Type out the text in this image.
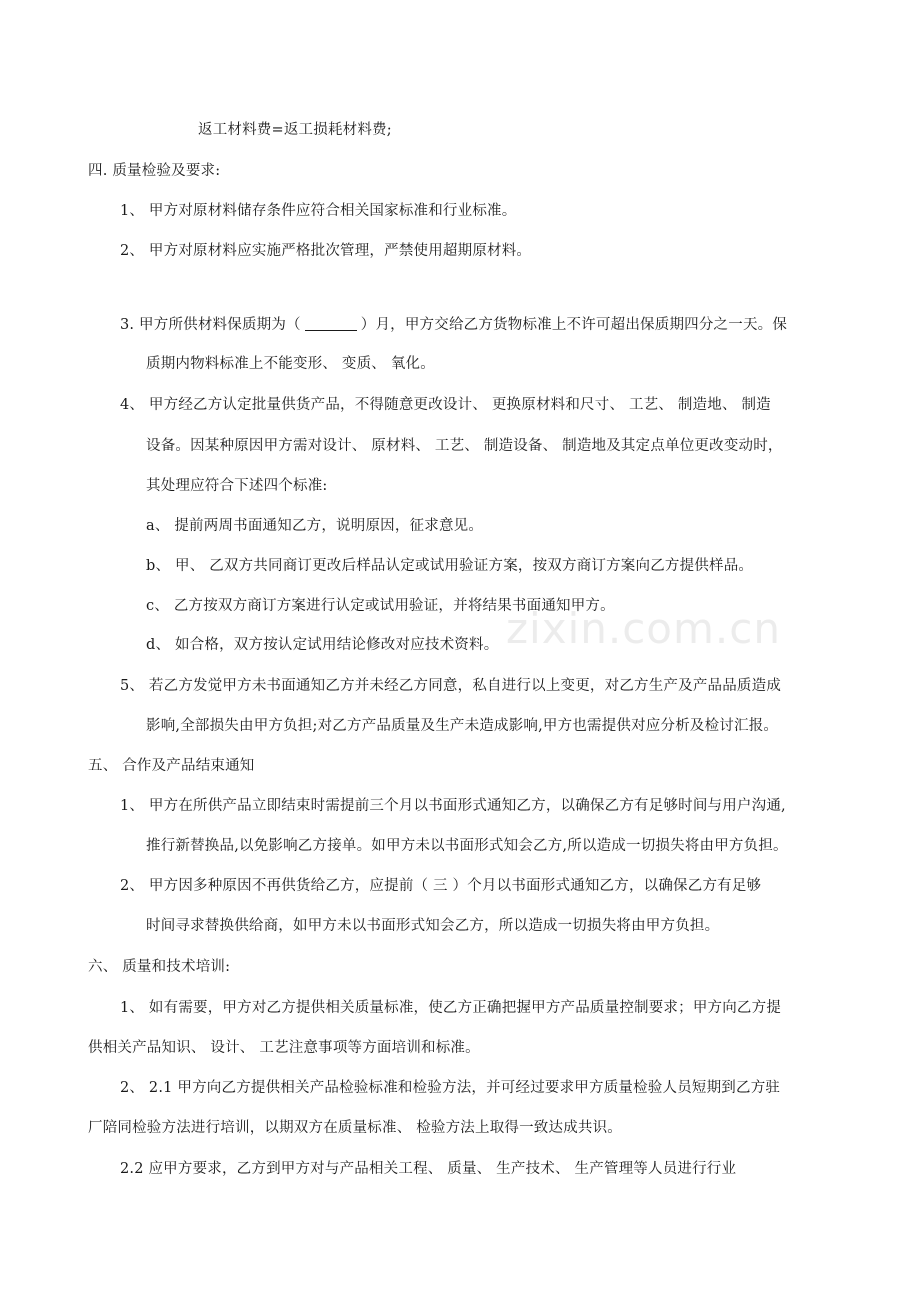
zixin.com.cn
返工材料费=返工损耗材料费;
四. 质量检验及要求:
1、 甲方对原材料储存条件应符合相关国家标准和行业标准。
2、 甲方对原材料应实施严格批次管理，严禁使用超期原材料。
3. 甲方所供材料保质期为（	）月，甲方交给乙方货物标准上不许可超出保质期四分之一天。保
质期内物料标准上不能变形、 变质、 氧化。
4、 甲方经乙方认定批量供货产品，不得随意更改设计、 更换原材料和尺寸、 工艺、 制造地、 制造
设备。因某种原因甲方需对设计、 原材料、 工艺、 制造设备、 制造地及其定点单位更改变动时，
其处理应符合下述四个标准:
a、 提前两周书面通知乙方，说明原因，征求意见。
b、 甲、 乙双方共同商订更改后样品认定或试用验证方案，按双方商订方案向乙方提供样品。
c、 乙方按双方商订方案进行认定或试用验证，并将结果书面通知甲方。
d、 如合格，双方按认定试用结论修改对应技术资料。
5、 若乙方发觉甲方未书面通知乙方并未经乙方同意，私自进行以上变更，对乙方生产及产品品质造成
影响,全部损失由甲方负担;对乙方产品质量及生产未造成影响,甲方也需提供对应分析及检讨汇报。
五、 合作及产品结束通知
1、 甲方在所供产品立即结束时需提前三个月以书面形式通知乙方，以确保乙方有足够时间与用户沟通,
推行新替换品,以免影响乙方接单。如甲方未以书面形式知会乙方,所以造成一切损失将由甲方负担。
2、 甲方因多种原因不再供货给乙方，应提前（ 三 ）个月以书面形式通知乙方，以确保乙方有足够
时间寻求替换供给商，如甲方未以书面形式知会乙方，所以造成一切损失将由甲方负担。
六、 质量和技术培训:
1、 如有需要，甲方对乙方提供相关质量标准，使乙方正确把握甲方产品质量控制要求；甲方向乙方提
供相关产品知识、 设计、 工艺注意事项等方面培训和标准。
2、 2.1 甲方向乙方提供相关产品检验标准和检验方法，并可经过要求甲方质量检验人员短期到乙方驻
厂陪同检验方法进行培训，以期双方在质量标准、 检验方法上取得一致达成共识。
2.2 应甲方要求，乙方到甲方对与产品相关工程、 质量、 生产技术、 生产管理等人员进行行业
